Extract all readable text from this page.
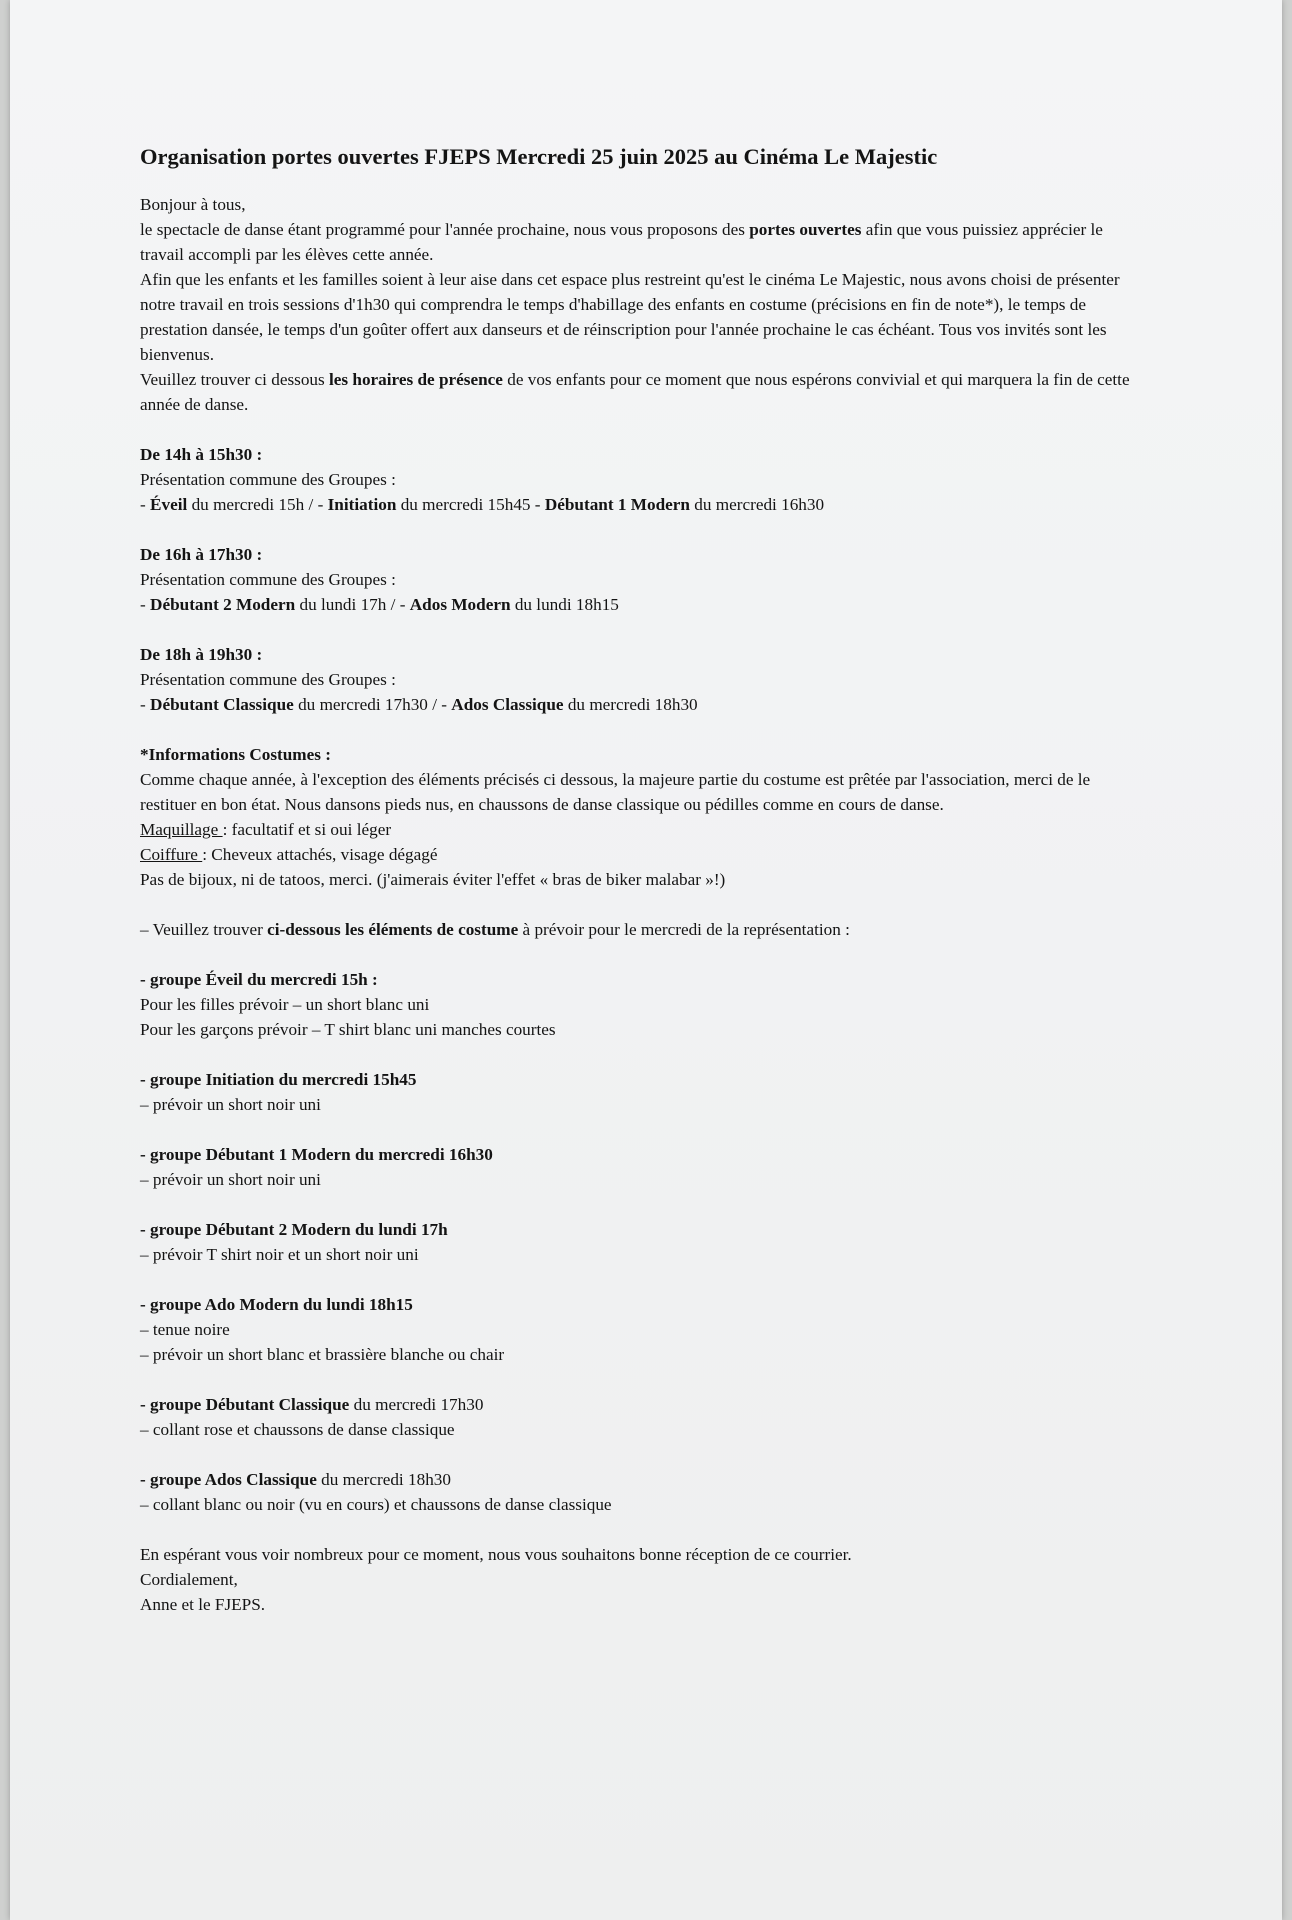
Organisation portes ouvertes FJEPS Mercredi 25 juin 2025 au Cinéma Le Majestic

Bonjour à tous,

le spectacle de danse étant programmé pour l'année prochaine, nous vous proposons des portes ouvertes afin que vous puissiez apprécier le travail accompli par les élèves cette année.

Afin que les enfants et les familles soient à leur aise dans cet espace plus restreint qu'est le cinéma Le Majestic, nous avons choisi de présenter notre travail en trois sessions d'1h30 qui comprendra le temps d'habillage des enfants en costume (précisions en fin de note*), le temps de prestation dansée, le temps d'un goûter offert aux danseurs et de réinscription pour l'année prochaine le cas échéant. Tous vos invités sont les bienvenus.

Veuillez trouver ci dessous les horaires de présence de vos enfants pour ce moment que nous espérons convivial et qui marquera la fin de cette année de danse.

De 14h à 15h30 :

Présentation commune des Groupes :

- Éveil du mercredi 15h / - Initiation du mercredi 15h45 - Débutant 1 Modern du mercredi 16h30

De 16h à 17h30 :

Présentation commune des Groupes :

- Débutant 2 Modern du lundi 17h / - Ados Modern du lundi 18h15

De 18h à 19h30 :

Présentation commune des Groupes :

- Débutant Classique du mercredi 17h30 / - Ados Classique du mercredi 18h30

*Informations Costumes :

Comme chaque année, à l'exception des éléments précisés ci dessous, la majeure partie du costume est prêtée par l'association, merci de le restituer en bon état. Nous dansons pieds nus, en chaussons de danse classique ou pédilles comme en cours de danse.

Maquillage : facultatif et si oui léger

Coiffure : Cheveux attachés, visage dégagé

Pas de bijoux, ni de tatoos, merci. (j'aimerais éviter l'effet « bras de biker malabar »!)

– Veuillez trouver ci-dessous les éléments de costume à prévoir pour le mercredi de la représentation :

- groupe Éveil du mercredi 15h :

Pour les filles prévoir – un short blanc uni

Pour les garçons prévoir – T shirt blanc uni manches courtes

- groupe Initiation du mercredi 15h45

– prévoir un short noir uni

- groupe Débutant 1 Modern du mercredi 16h30

– prévoir un short noir uni

- groupe Débutant 2 Modern du lundi 17h

– prévoir T shirt noir et un short noir uni

- groupe Ado Modern du lundi 18h15

– tenue noire

– prévoir un short blanc et brassière blanche ou chair

- groupe Débutant Classique du mercredi 17h30

– collant rose et chaussons de danse classique

- groupe Ados Classique du mercredi 18h30

– collant blanc ou noir (vu en cours) et chaussons de danse classique

En espérant vous voir nombreux pour ce moment, nous vous souhaitons bonne réception de ce courrier.

Cordialement,

Anne et le FJEPS.
